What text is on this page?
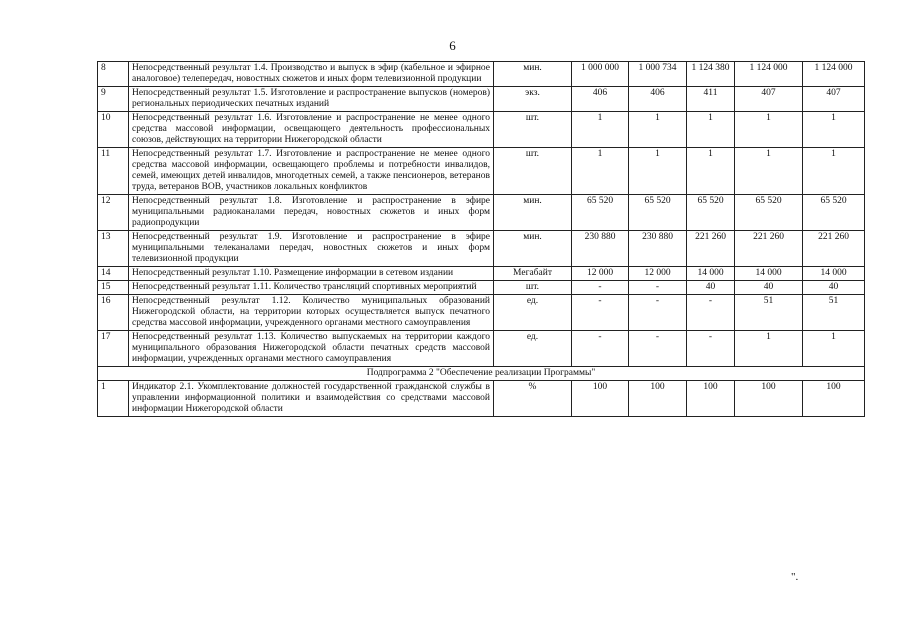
6
8	Непосредственный результат 1.4. Производство и выпуск в эфир (кабельное и эфирное аналоговое) телепередач, новостных сюжетов и иных форм телевизионной продукции	мин.	1 000 000	1 000 734	1 124 380	1 124 000	1 124 000
9	Непосредственный результат 1.5. Изготовление и распространение выпусков (номеров) региональных периодических печатных изданий	экз.	406	406	411	407	407
10	Непосредственный результат 1.6. Изготовление и распространение не менее одного средства массовой информации, освещающего деятельность профессиональных союзов, действующих на территории Нижегородской области	шт.	1	1	1	1	1
11	Непосредственный результат 1.7. Изготовление и распространение не менее одного средства массовой информации, освещающего проблемы и потребности инвалидов, семей, имеющих детей инвалидов, многодетных семей, а также пенсионеров, ветеранов труда, ветеранов ВОВ, участников локальных конфликтов	шт.	1	1	1	1	1
12	Непосредственный результат 1.8. Изготовление и распространение в эфире муниципальными радиоканалами передач, новостных сюжетов и иных форм радиопродукции	мин.	65 520	65 520	65 520	65 520	65 520
13	Непосредственный результат 1.9. Изготовление и распространение в эфире муниципальными телеканалами передач, новостных сюжетов и иных форм телевизионной продукции	мин.	230 880	230 880	221 260	221 260	221 260
14	Непосредственный результат 1.10. Размещение информации в сетевом издании	Мегабайт	12 000	12 000	14 000	14 000	14 000
15	Непосредственный результат 1.11. Количество трансляций спортивных мероприятий	шт.	-	-	40	40	40
16	Непосредственный результат 1.12. Количество муниципальных образований Нижегородской области, на территории которых осуществляется выпуск печатного средства массовой информации, учрежденного органами местного самоуправления	ед.	-	-	-	51	51
17	Непосредственный результат 1.13. Количество выпускаемых на территории каждого муниципального образования Нижегородской области печатных средств массовой информации, учрежденных органами местного самоуправления	ед.	-	-	-	1	1
Подпрограмма 2 "Обеспечение реализации Программы"							
1	Индикатор 2.1. Укомплектование должностей государственной гражданской службы в управлении информационной политики и взаимодействия со средствами массовой информации Нижегородской области	%	100	100	100	100	100
".
